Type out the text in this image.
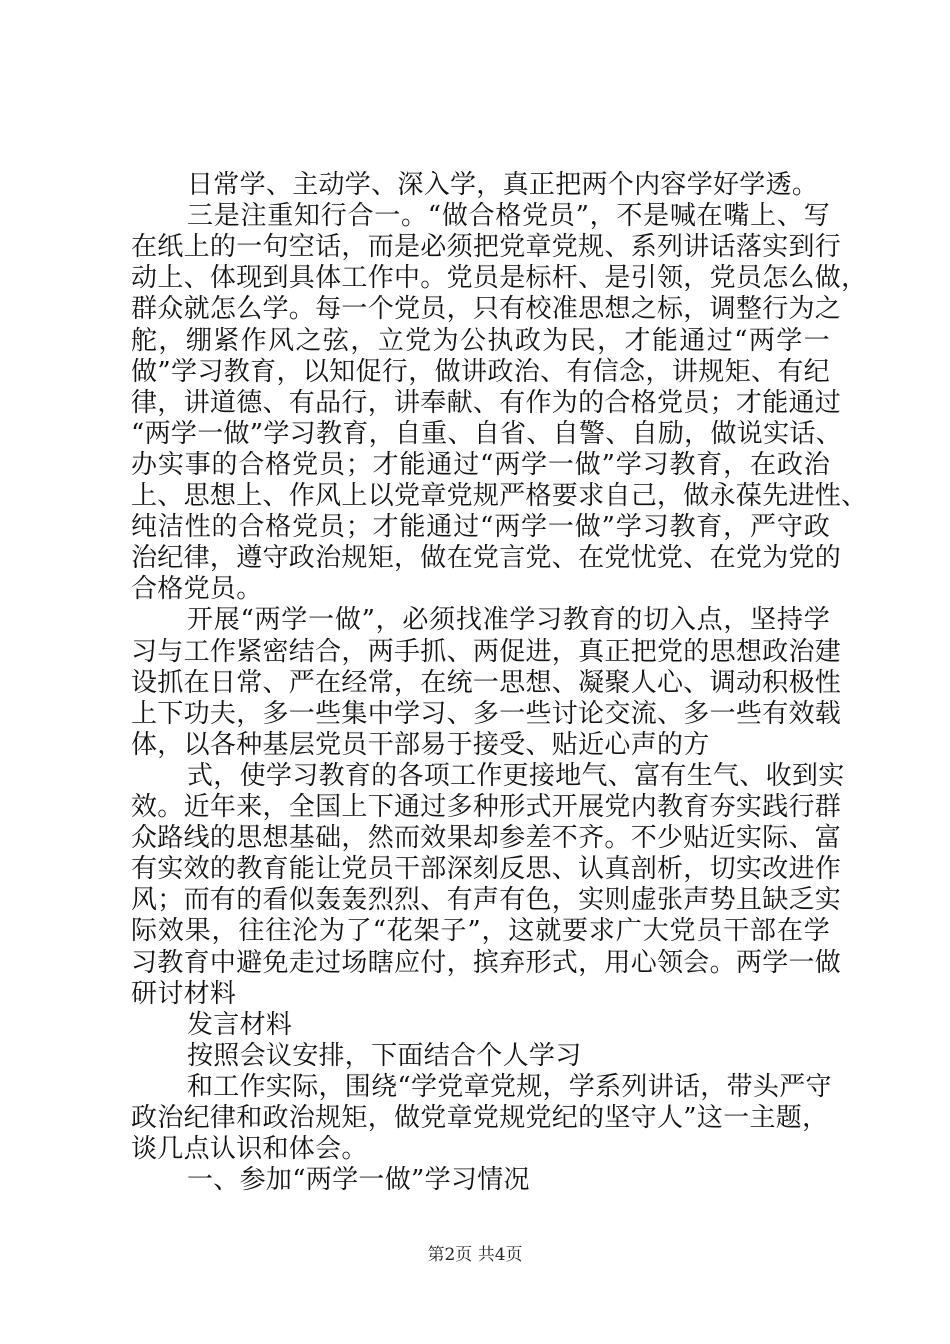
日常学、主动学、深入学，真正把两个内容学好学透。
三是注重知行合一。“做合格党员”，不是喊在嘴上、写
在纸上的一句空话，而是必须把党章党规、系列讲话落实到行
动上、体现到具体工作中。党员是标杆、是引领，党员怎么做，
群众就怎么学。每一个党员，只有校准思想之标，调整行为之
舵，绷紧作风之弦，立党为公执政为民，才能通过“两学一
做”学习教育，以知促行，做讲政治、有信念，讲规矩、有纪
律，讲道德、有品行，讲奉献、有作为的合格党员；才能通过
“两学一做”学习教育，自重、自省、自警、自励，做说实话、
办实事的合格党员；才能通过“两学一做”学习教育，在政治
上、思想上、作风上以党章党规严格要求自己，做永葆先进性、
纯洁性的合格党员；才能通过“两学一做”学习教育，严守政
治纪律，遵守政治规矩，做在党言党、在党忧党、在党为党的
合格党员。
开展“两学一做”，必须找准学习教育的切入点，坚持学
习与工作紧密结合，两手抓、两促进，真正把党的思想政治建
设抓在日常、严在经常，在统一思想、凝聚人心、调动积极性
上下功夫，多一些集中学习、多一些讨论交流、多一些有效载
体，以各种基层党员干部易于接受、贴近心声的方
式，使学习教育的各项工作更接地气、富有生气、收到实
效。近年来，全国上下通过多种形式开展党内教育夯实践行群
众路线的思想基础，然而效果却参差不齐。不少贴近实际、富
有实效的教育能让党员干部深刻反思、认真剖析，切实改进作
风；而有的看似轰轰烈烈、有声有色，实则虚张声势且缺乏实
际效果，往往沦为了“花架子”，这就要求广大党员干部在学
习教育中避免走过场瞎应付，摈弃形式，用心领会。两学一做
研讨材料
发言材料
按照会议安排，下面结合个人学习
和工作实际，围绕“学党章党规，学系列讲话，带头严守
政治纪律和政治规矩，做党章党规党纪的坚守人”这一主题，
谈几点认识和体会。
一、参加“两学一做”学习情况
第2页 共4页
